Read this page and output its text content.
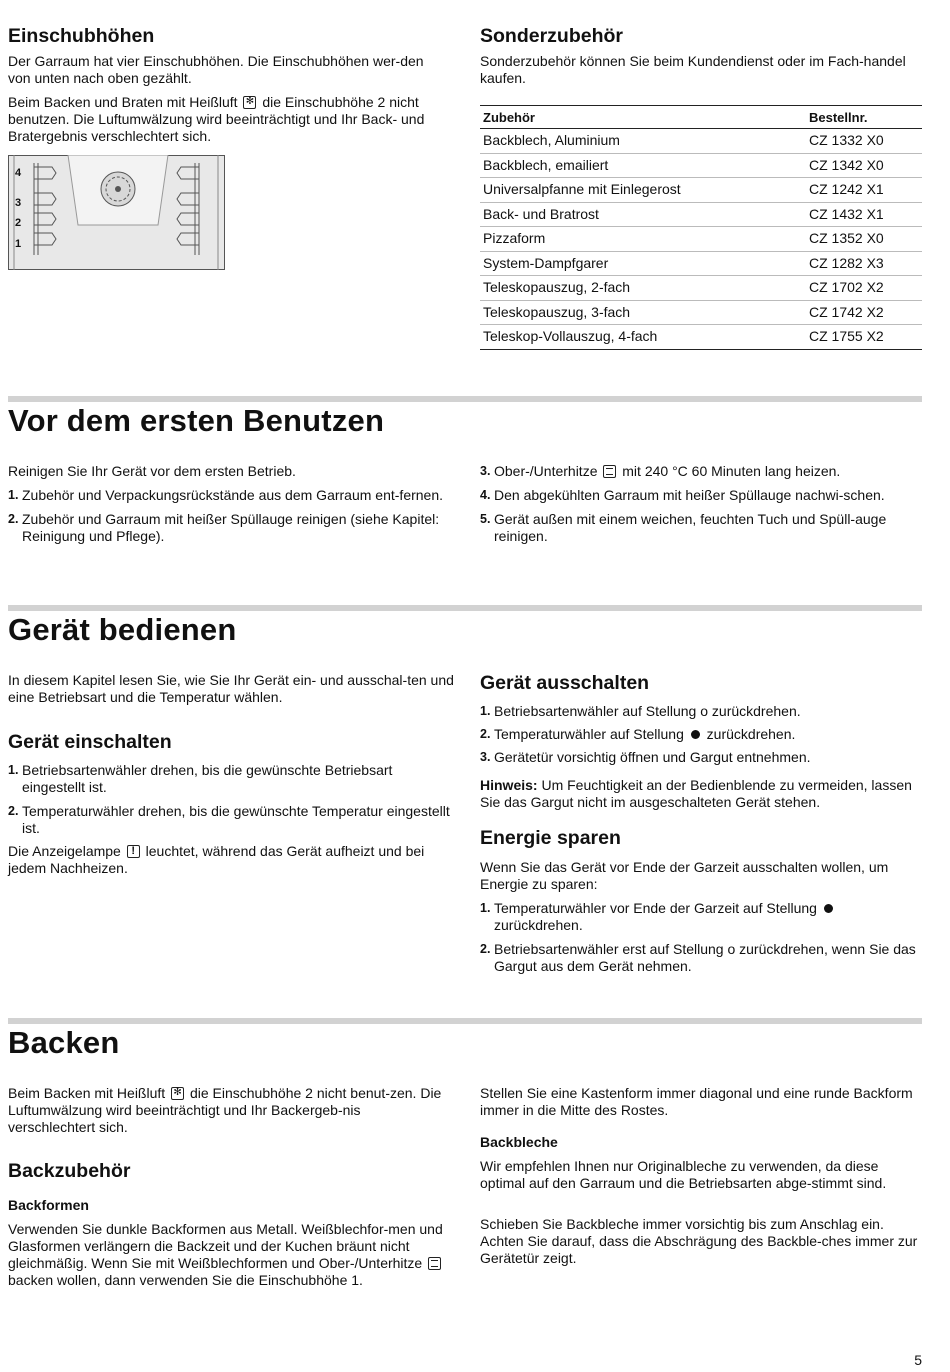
Einschubhöhen

Der Garraum hat vier Einschubhöhen. Die Einschubhöhen wer-den von unten nach oben gezählt.

Beim Backen und Braten mit Heißluft ✻ die Einschubhöhe 2 nicht benutzen. Die Luftumwälzung wird beeinträchtigt und Ihr Back- und Bratergebnis verschlechtert sich.

4
3
2
1
Sonderzubehör

Sonderzubehör können Sie beim Kundendienst oder im Fach-handel kaufen.

Zubehör	Bestellnr.
Backblech, Aluminium	CZ 1332 X0
Backblech, emailiert	CZ 1342 X0
Universalpfanne mit Einlegerost	CZ 1242 X1
Back- und Bratrost	CZ 1432 X1
Pizzaform	CZ 1352 X0
System-Dampfgarer	CZ 1282 X3
Teleskopauszug, 2-fach	CZ 1702 X2
Teleskopauszug, 3-fach	CZ 1742 X2
Teleskop-Vollauszug, 4-fach	CZ 1755 X2
Vor dem ersten Benutzen

Reinigen Sie Ihr Gerät vor dem ersten Betrieb.

1. Zubehör und Verpackungsrückstände aus dem Garraum ent-fernen.
2. Zubehör und Garraum mit heißer Spüllauge reinigen (siehe Kapitel: Reinigung und Pflege).
3. Ober-/Unterhitze mit 240 °C 60 Minuten lang heizen.
4. Den abgekühlten Garraum mit heißer Spüllauge nachwi-schen.
5. Gerät außen mit einem weichen, feuchten Tuch und Spüll-auge reinigen.
Gerät bedienen

In diesem Kapitel lesen Sie, wie Sie Ihr Gerät ein- und ausschal-ten und eine Betriebsart und die Temperatur wählen.

Gerät einschalten
1. Betriebsartenwähler drehen, bis die gewünschte Betriebsart eingestellt ist.
2. Temperaturwähler drehen, bis die gewünschte Temperatur eingestellt ist.

Die Anzeigelampe ! leuchtet, während das Gerät aufheizt und bei jedem Nachheizen.

Gerät ausschalten
1. Betriebsartenwähler auf Stellung o zurückdrehen.
2. Temperaturwähler auf Stellung zurückdrehen.
3. Gerätetür vorsichtig öffnen und Gargut entnehmen.

Hinweis: Um Feuchtigkeit an der Bedienblende zu vermeiden, lassen Sie das Gargut nicht im ausgeschalteten Gerät stehen.

Energie sparen

Wenn Sie das Gerät vor Ende der Garzeit ausschalten wollen, um Energie zu sparen:

1. Temperaturwähler vor Ende der Garzeit auf Stellung  zurückdrehen.
2. Betriebsartenwähler erst auf Stellung o zurückdrehen, wenn Sie das Gargut aus dem Gerät nehmen.
Backen

Beim Backen mit Heißluft ✻ die Einschubhöhe 2 nicht benut-zen. Die Luftumwälzung wird beeinträchtigt und Ihr Backergeb-nis verschlechtert sich.

Backzubehör
Backformen

Verwenden Sie dunkle Backformen aus Metall. Weißblechfor-men und Glasformen verlängern die Backzeit und der Kuchen bräunt nicht gleichmäßig. Wenn Sie mit Weißblechformen und Ober-/Unterhitze  backen wollen, dann verwenden Sie die Einschubhöhe 1.

Stellen Sie eine Kastenform immer diagonal und eine runde Backform immer in die Mitte des Rostes.

Backbleche

Wir empfehlen Ihnen nur Originalbleche zu verwenden, da diese optimal auf den Garraum und die Betriebsarten abge-stimmt sind.

Schieben Sie Backbleche immer vorsichtig bis zum Anschlag ein. Achten Sie darauf, dass die Abschrägung des Backble-ches immer zur Gerätetür zeigt.

5
